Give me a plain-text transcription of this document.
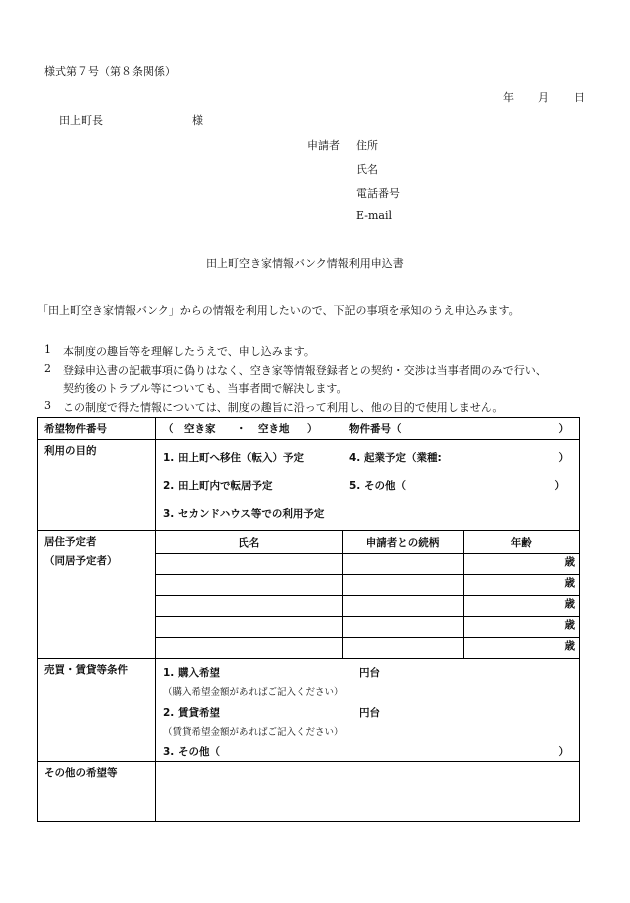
様式第７号（第８条関係）
年 月 日
田上町長	様
申請者 住所
氏名
電話番号
E-mail
田上町空き家情報バンク情報利用申込書
「田上町空き家情報バンク」からの情報を利用したいので、下記の事項を承知のうえ申込みます。
1 本制度の趣旨等を理解したうえで、申し込みます。
2 登録申込書の記載事項に偽りはなく、空き家等情報登録者との契約・交渉は当事者間のみで行い、
契約後のトラブル等についても、当事者間で解決します。
3 この制度で得た情報については、制度の趣旨に沿って利用し、他の目的で使用しません。
希望物件番号	（ 空き家 ・ 空き地 ）	物件番号（	）

利用の目的	
1. 田上町へ移住（転入）予定	4. 起業予定（業種:	）
2. 田上町内で転居予定	5. その他（	）
3. セカンドハウス等での利用予定

居住予定者
（同居予定者）

氏名	申請者との続柄	年齢
		歳
		歳
		歳
		歳
		歳

売買・賃貸等条件	1. 購入希望	円台
（購入希望金額があればご記入ください）
2. 賃貸希望	円台
（賃貸希望金額があればご記入ください）
3. その他（	）

その他の希望等	
